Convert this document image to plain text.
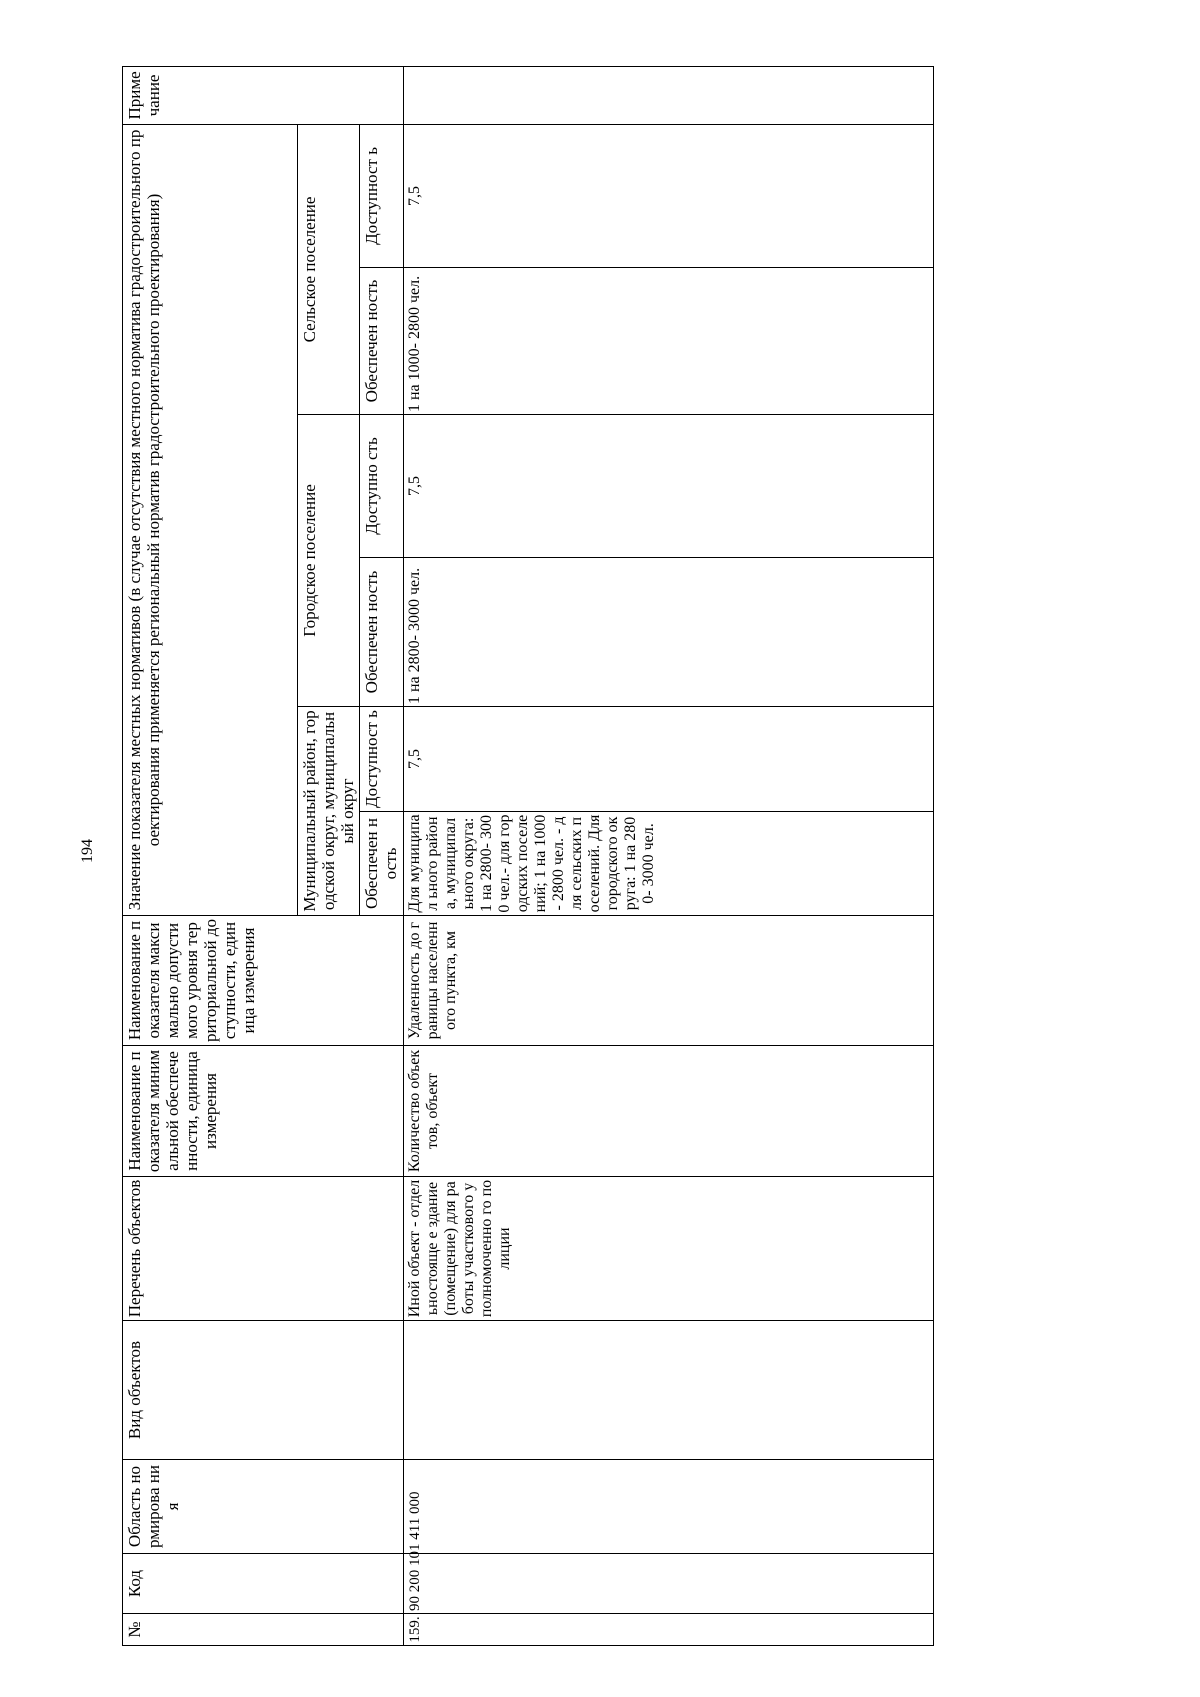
194
№	Код	Область нормирова ния	Вид объектов	Перечень объектов	Наименование показателя минимальной обеспеченности, единица измерения	Наименование показателя максимально допустимого уровня территориальной доступности, единица измерения	Значение показателя местных нормативов (в случае отсутствия местного норматива градостроительного проектирования применяется региональный норматив градостроительного проектирования)						Примечание
							Муниципальный район, городской округ, муниципальный округ		Городское поселение		Сельское поселение		
							Обеспечен ность	Доступност ь	Обеспечен ность	Доступно сть	Обеспечен ность	Доступност ь	
159.	90 200 101 411 000			Иной объект - отдельностояще е здание (помещение) для работы участкового уполномоченно го полиции	Количество объектов, объект	Удаленность до границы населенного пункта, км	Для муниципал ьного района, муниципал ьного округа: 1 на 2800- 3000 чел.- для городских поселений; 1 на 1000- 2800 чел. - для сельских поселений. Для городского округа: 1 на 2800- 3000 чел.	7,5	1 на 2800- 3000 чел.	7,5	1 на 1000- 2800 чел.	7,5	
